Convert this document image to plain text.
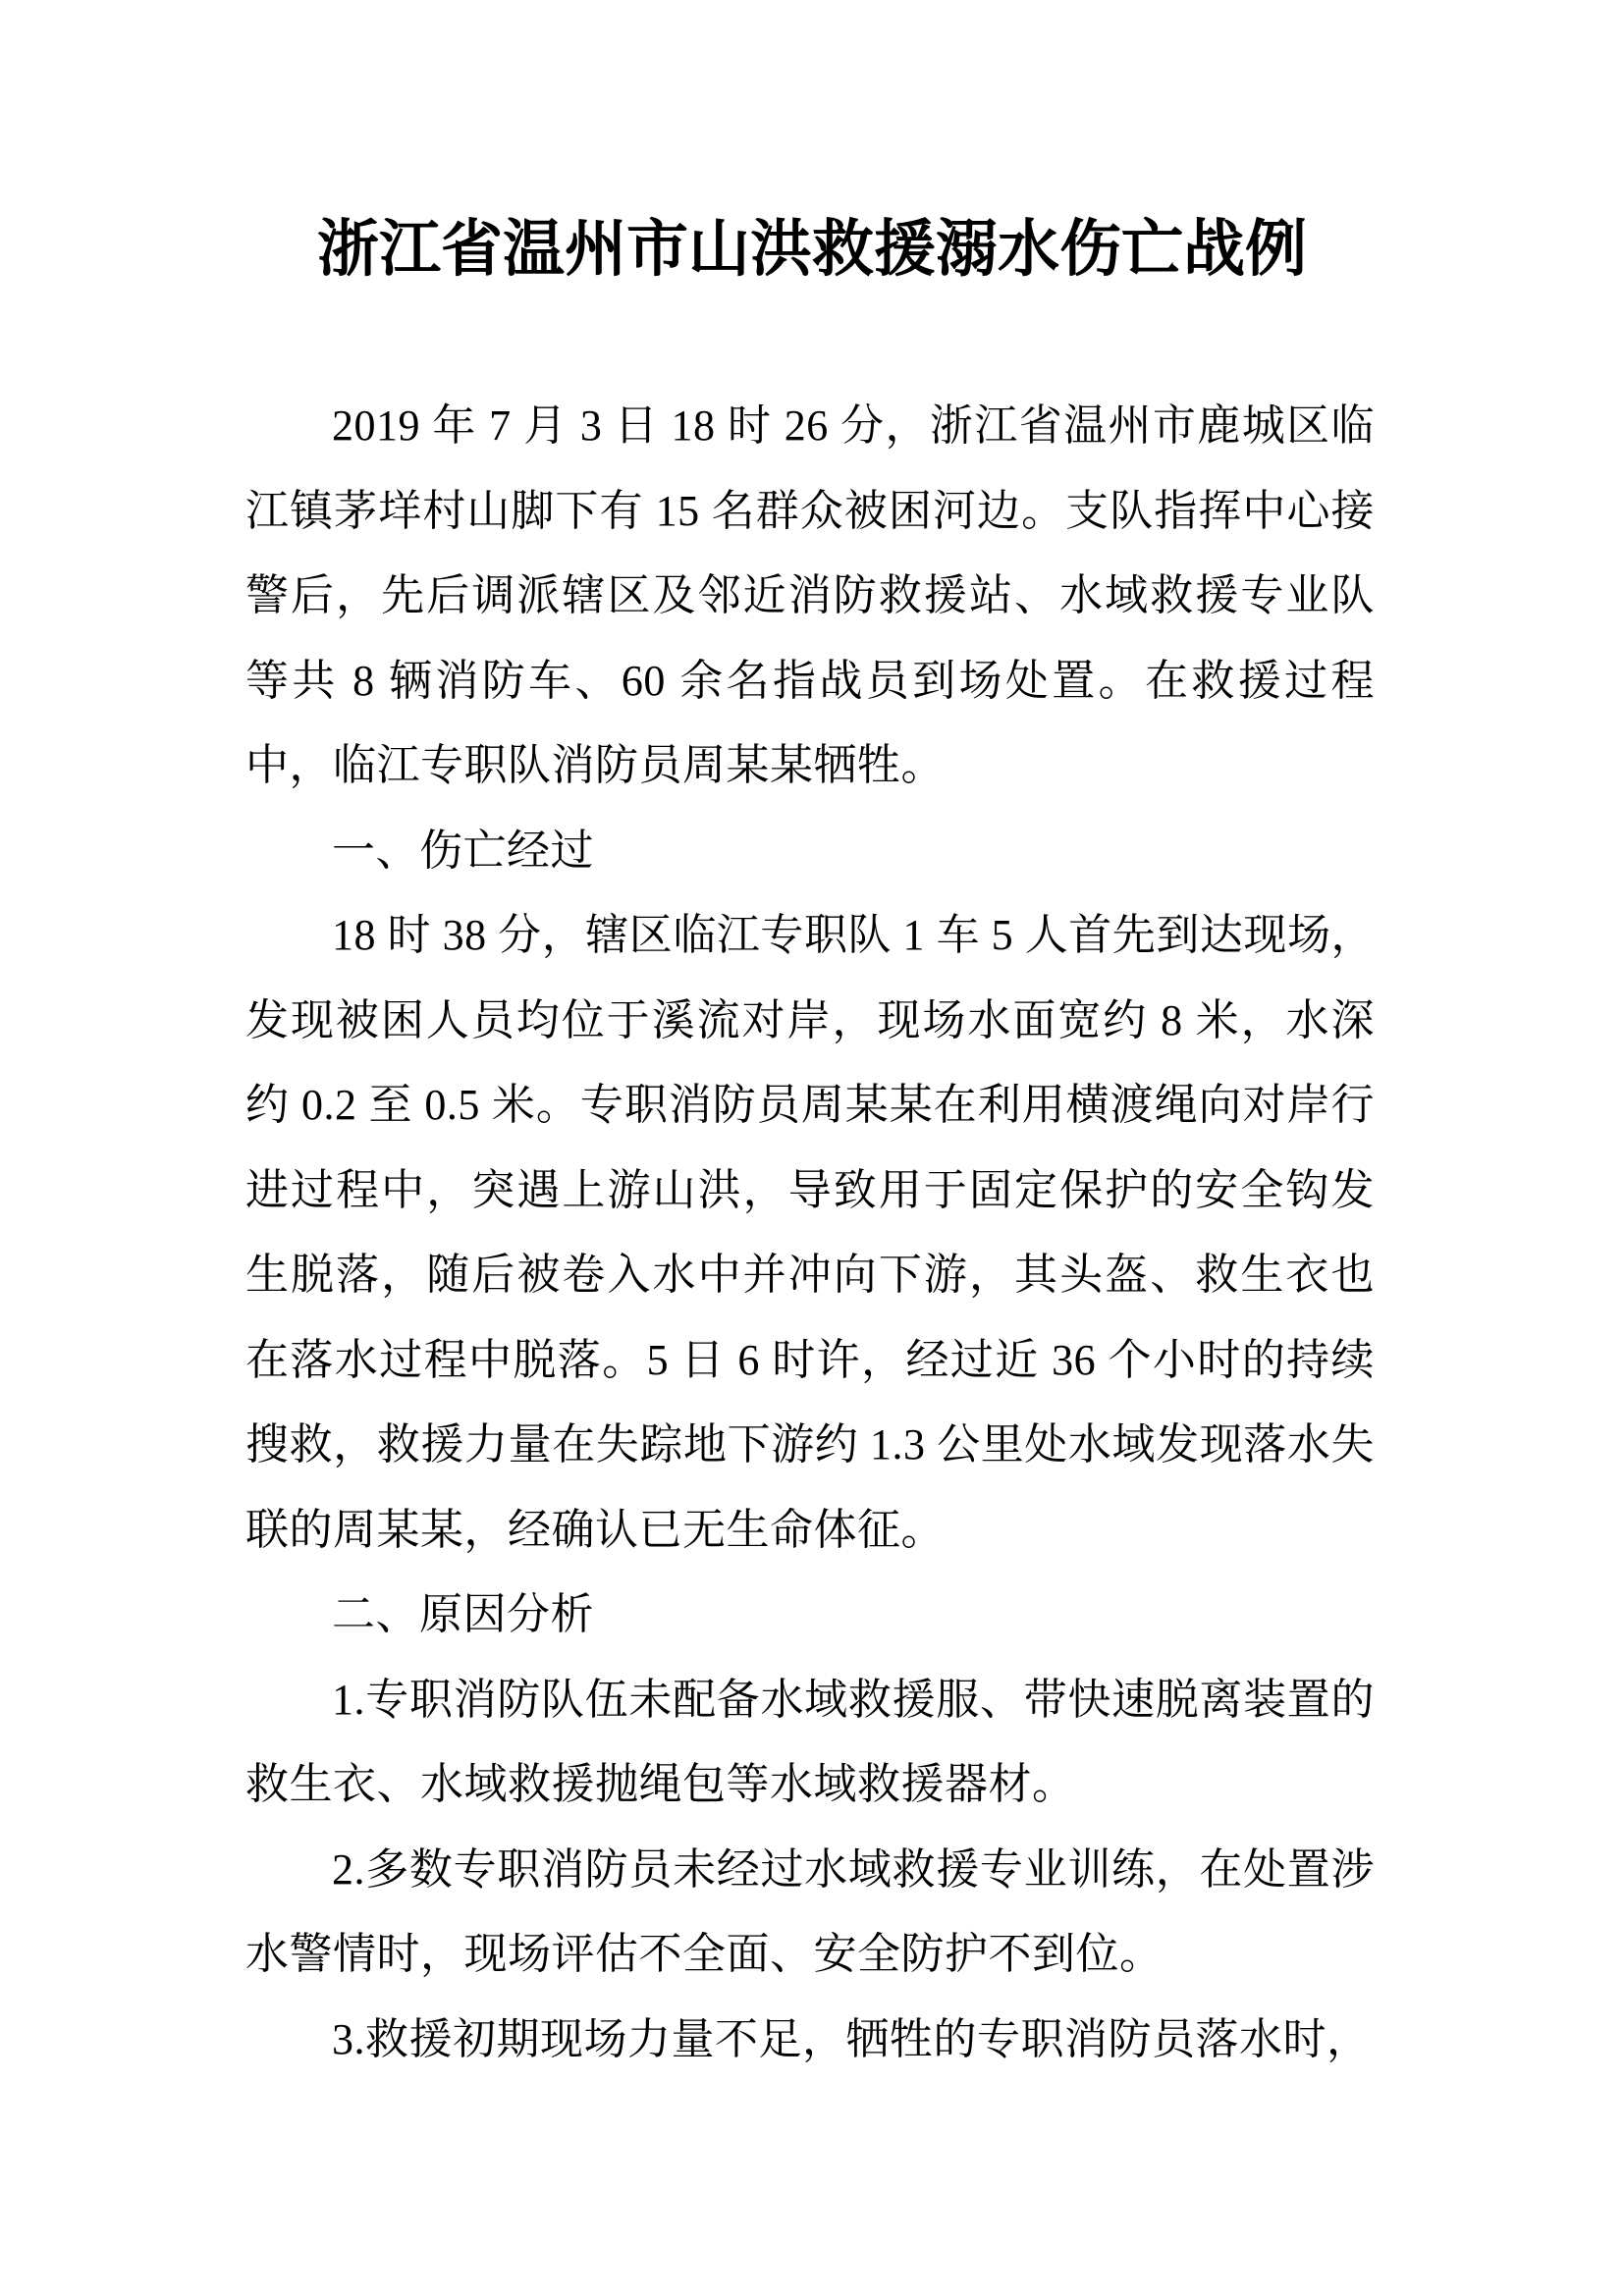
浙江省温州市山洪救援溺水伤亡战例

2019 年 7 月 3 日 18 时 26 分，浙江省温州市鹿城区临江镇茅垟村山脚下有 15 名群众被困河边。支队指挥中心接警后，先后调派辖区及邻近消防救援站、水域救援专业队等共 8 辆消防车、60 余名指战员到场处置。在救援过程中，临江专职队消防员周某某牺牲。

一、伤亡经过

18 时 38 分，辖区临江专职队 1 车 5 人首先到达现场，发现被困人员均位于溪流对岸，现场水面宽约 8 米，水深约 0.2 至 0.5 米。专职消防员周某某在利用横渡绳向对岸行进过程中，突遇上游山洪，导致用于固定保护的安全钩发生脱落，随后被卷入水中并冲向下游，其头盔、救生衣也在落水过程中脱落。5 日 6 时许，经过近 36 个小时的持续搜救，救援力量在失踪地下游约 1.3 公里处水域发现落水失联的周某某，经确认已无生命体征。

二、原因分析

1.专职消防队伍未配备水域救援服、带快速脱离装置的救生衣、水域救援抛绳包等水域救援器材。

2.多数专职消防员未经过水域救援专业训练，在处置涉水警情时，现场评估不全面、安全防护不到位。

3.救援初期现场力量不足，牺牲的专职消防员落水时，
